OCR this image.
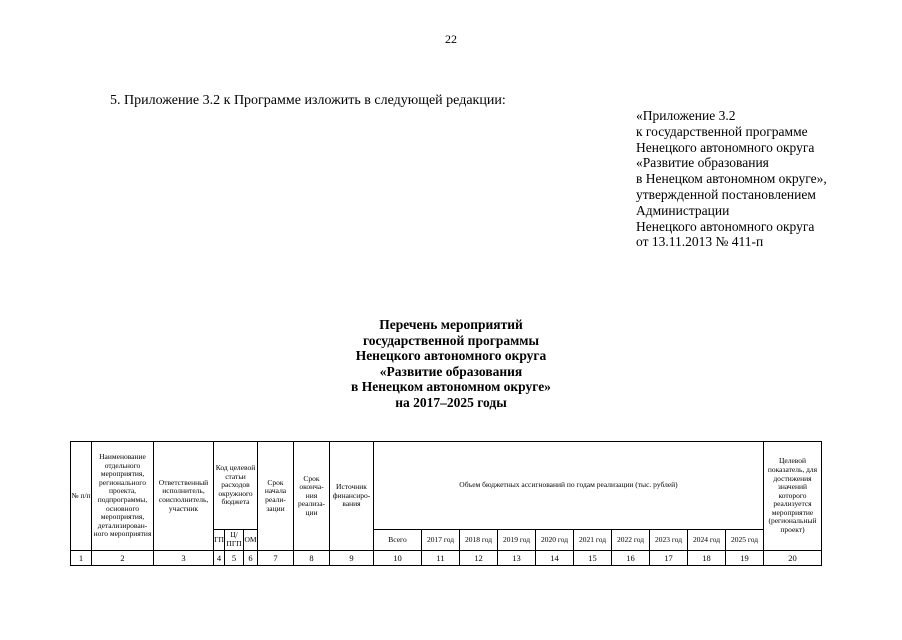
22
5. Приложение 3.2 к Программе изложить в следующей редакции:
«Приложение 3.2
к государственной программе
Ненецкого автономного округа
«Развитие образования
в Ненецком автономном округе»,
утвержденной постановлением
Администрации
Ненецкого автономного округа
от 13.11.2013 № 411-п
Перечень мероприятий
государственной программы
Ненецкого автономного округа
«Развитие образования
в Ненецком автономном округе»
на 2017–2025 годы
№ п/п	Наименование отдельного мероприятия, регионального проекта, подпрограммы, основного мероприятия, детализирован-ного мероприятия	Ответственный исполнитель, соисполнитель, участник	Код целевой статьи расходов окружного бюджета			Срок начала реали-зации	Срок оконча-ния реализа-ции	Источник финансиро-вания	Объем бюджетных ассигнований по годам реализации (тыс. рублей)										Целевой показатель, для достижения значений которого реализуется мероприятие (региональный проект)
			ГП	Ц/ ПГП	ОМ				Всего	2017 год	2018 год	2019 год	2020 год	2021 год	2022 год	2023 год	2024 год	2025 год	
1	2	3	4	5	6	7	8	9	10	11	12	13	14	15	16	17	18	19	20
